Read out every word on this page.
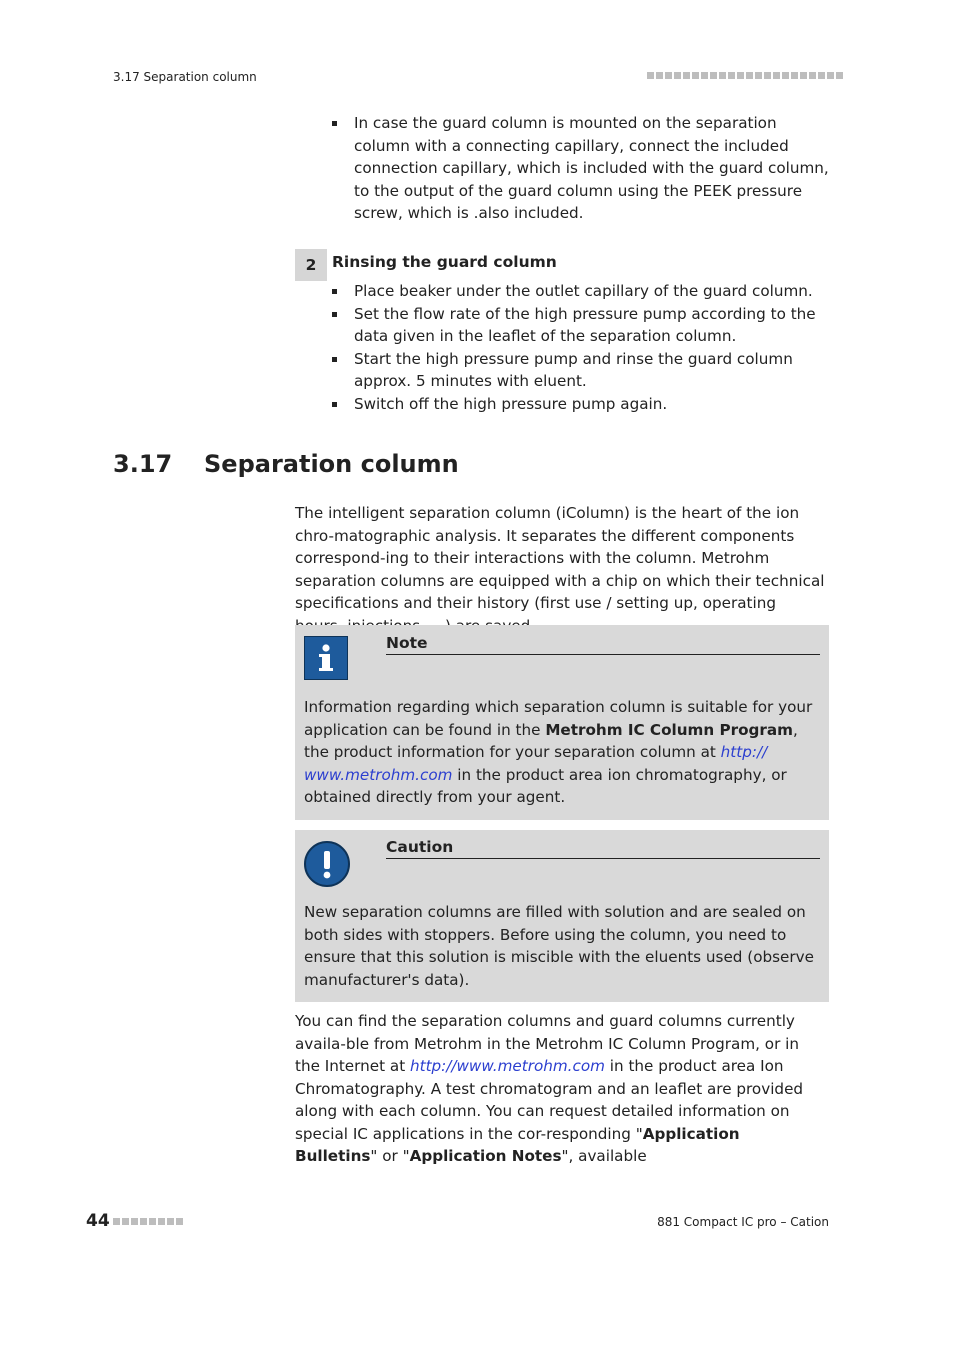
3.17 Separation column
In case the guard column is mounted on the separation column with a connecting capillary, connect the included connection capillary, which is included with the guard column, to the output of the guard column using the PEEK pressure screw, which is .also included.
2	Rinsing the guard column
Place beaker under the outlet capillary of the guard column.
Set the flow rate of the high pressure pump according to the data given in the leaflet of the separation column.
Start the high pressure pump and rinse the guard column approx. 5 minutes with eluent.
Switch off the high pressure pump again.
3.17 Separation column
The intelligent separation column (iColumn) is the heart of the ion chro-matographic analysis. It separates the different components correspond-ing to their interactions with the column. Metrohm separation columns are equipped with a chip on which their technical specifications and their history (first use / setting up, operating
Note
Information regarding which separation column is suitable for your application can be found in the Metrohm IC Column Program, the product information for your separation column at http:// www.metrohm.com in the product area ion chromatography, or obtained directly from your agent.
Caution
New separation columns are filled with solution and are sealed on both sides with stoppers. Before using the column, you need to ensure that this solution is miscible with the eluents used (observe manufacturer's data).
You can find the separation columns and guard columns currently availa-ble from Metrohm in the Metrohm IC Column Program, or in the Internet at http://www.metrohm.com in the product area Ion Chromatography. A test chromatogram and an leaflet are provided along with each column. You can request detailed information on special IC applications in the cor-responding "Application Bulletins" or "Application Notes", available
44	881 Compact IC pro – Cation
